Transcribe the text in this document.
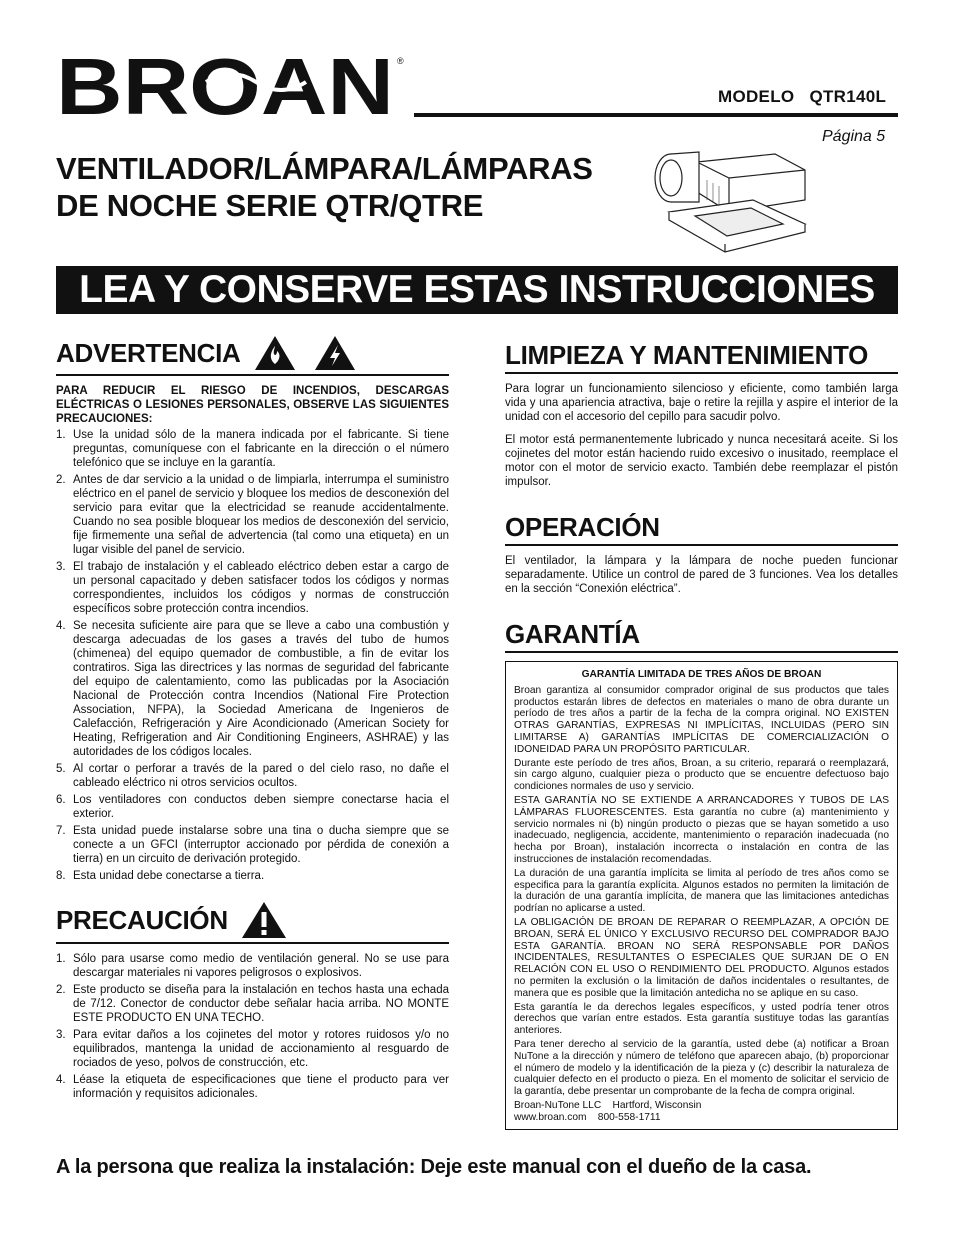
BROAN ®
MODELO   QTR140L
Página 5
VENTILADOR/LÁMPARA/LÁMPARAS
DE NOCHE SERIE QTR/QTRE
LEA Y CONSERVE ESTAS INSTRUCCIONES
ADVERTENCIA
PARA REDUCIR EL RIESGO DE INCENDIOS, DESCARGAS ELÉCTRICAS O LESIONES PERSONALES, OBSERVE LAS SIGUIENTES PRECAUCIONES:
1. Use la unidad sólo de la manera indicada por el fabricante. Si tiene preguntas, comuníquese con el fabricante en la dirección o el número telefónico que se incluye en la garantía.
2. Antes de dar servicio a la unidad o de limpiarla, interrumpa el suministro eléctrico en el panel de servicio y bloquee los medios de desconexión del servicio para evitar que la electricidad se reanude accidentalmente. Cuando no sea posible bloquear los medios de desconexión del servicio, fije firmemente una señal de advertencia (tal como una etiqueta) en un lugar visible del panel de servicio.
3. El trabajo de instalación y el cableado eléctrico deben estar a cargo de un personal capacitado y deben satisfacer todos los códigos y normas correspondientes, incluidos los códigos y normas de construcción específicos sobre protección contra incendios.
4. Se necesita suficiente aire para que se lleve a cabo una combustión y descarga adecuadas de los gases a través del tubo de humos (chimenea) del equipo quemador de combustible, a fin de evitar los contratiros. Siga las directrices y las normas de seguridad del fabricante del equipo de calentamiento, como las publicadas por la Asociación Nacional de Protección contra Incendios (National Fire Protection Association, NFPA), la Sociedad Americana de Ingenieros de Calefacción, Refrigeración y Aire Acondicionado (American Society for Heating, Refrigeration and Air Conditioning Engineers, ASHRAE) y las autoridades de los códigos locales.
5. Al cortar o perforar a través de la pared o del cielo raso, no dañe el cableado eléctrico ni otros servicios ocultos.
6. Los ventiladores con conductos deben siempre conectarse hacia el exterior.
7. Esta unidad puede instalarse sobre una tina o ducha siempre que se conecte a un GFCI (interruptor accionado por pérdida de conexión a tierra) en un circuito de derivación protegido.
8. Esta unidad debe conectarse a tierra.
PRECAUCIÓN
1. Sólo para usarse como medio de ventilación general. No se use para descargar materiales ni vapores peligrosos o explosivos.
2. Este producto se diseña para la instalación en techos hasta una echada de 7/12. Conector de conductor debe señalar hacia arriba. NO MONTE ESTE PRODUCTO EN UNA TECHO.
3. Para evitar daños a los cojinetes del motor y rotores ruidosos y/o no equilibrados, mantenga la unidad de accionamiento al resguardo de rociados de yeso, polvos de construcción, etc.
4. Léase la etiqueta de especificaciones que tiene el producto para ver información y requisitos adicionales.
LIMPIEZA Y MANTENIMIENTO

Para lograr un funcionamiento silencioso y eficiente, como también larga vida y una apariencia atractiva, baje o retire la rejilla y aspire el interior de la unidad con el accesorio del cepillo para sacudir polvo.

El motor está permanentemente lubricado y nunca necesitará aceite. Si los cojinetes del motor están haciendo ruido excesivo o inusitado, reemplace el motor con el motor de servicio exacto. También debe reemplazar el pistón impulsor.

OPERACIÓN

El ventilador, la lámpara y la lámpara de noche pueden funcionar separadamente. Utilice un control de pared de 3 funciones. Vea los detalles en la sección “Conexión eléctrica”.

GARANTÍA
GARANTÍA LIMITADA DE TRES AÑOS DE BROAN

Broan garantiza al consumidor comprador original de sus productos que tales productos estarán libres de defectos en materiales o mano de obra durante un período de tres años a partir de la fecha de la compra original. NO EXISTEN OTRAS GARANTÍAS, EXPRESAS NI IMPLÍCITAS, INCLUIDAS (PERO SIN LIMITARSE A) GARANTÍAS IMPLÍCITAS DE COMERCIALIZACIÓN O IDONEIDAD PARA UN PROPÓSITO PARTICULAR.

Durante este período de tres años, Broan, a su criterio, reparará o reemplazará, sin cargo alguno, cualquier pieza o producto que se encuentre defectuoso bajo condiciones normales de uso y servicio.

ESTA GARANTÍA NO SE EXTIENDE A ARRANCADORES Y TUBOS DE LAS LÁMPARAS FLUORESCENTES. Esta garantía no cubre (a) mantenimiento y servicio normales ni (b) ningún producto o piezas que se hayan sometido a uso inadecuado, negligencia, accidente, mantenimiento o reparación inadecuada (no hecha por Broan), instalación incorrecta o instalación en contra de las instrucciones de instalación recomendadas.

La duración de una garantía implícita se limita al período de tres años como se especifica para la garantía explícita. Algunos estados no permiten la limitación de la duración de una garantía implícita, de manera que las limitaciones antedichas podrían no aplicarse a usted.

LA OBLIGACIÓN DE BROAN DE REPARAR O REEMPLAZAR, A OPCIÓN DE BROAN, SERÁ EL ÚNICO Y EXCLUSIVO RECURSO DEL COMPRADOR BAJO ESTA GARANTÍA. BROAN NO SERÁ RESPONSABLE POR DAÑOS INCIDENTALES, RESULTANTES O ESPECIALES QUE SURJAN DE O EN RELACIÓN CON EL USO O RENDIMIENTO DEL PRODUCTO. Algunos estados no permiten la exclusión o la limitación de daños incidentales o resultantes, de manera que es posible que la limitación antedicha no se aplique en su caso.

Esta garantía le da derechos legales específicos, y usted podría tener otros derechos que varían entre estados. Esta garantía sustituye todas las garantías anteriores.

Para tener derecho al servicio de la garantía, usted debe (a) notificar a Broan NuTone a la dirección y número de teléfono que aparecen abajo, (b) proporcionar el número de modelo y la identificación de la pieza y (c) describir la naturaleza de cualquier defecto en el producto o pieza. En el momento de solicitar el servicio de la garantía, debe presentar un comprobante de la fecha de compra original.

Broan-NuTone LLC    Hartford, Wisconsin
www.broan.com    800-558-1711
A la persona que realiza la instalación: Deje este manual con el dueño de la casa.
